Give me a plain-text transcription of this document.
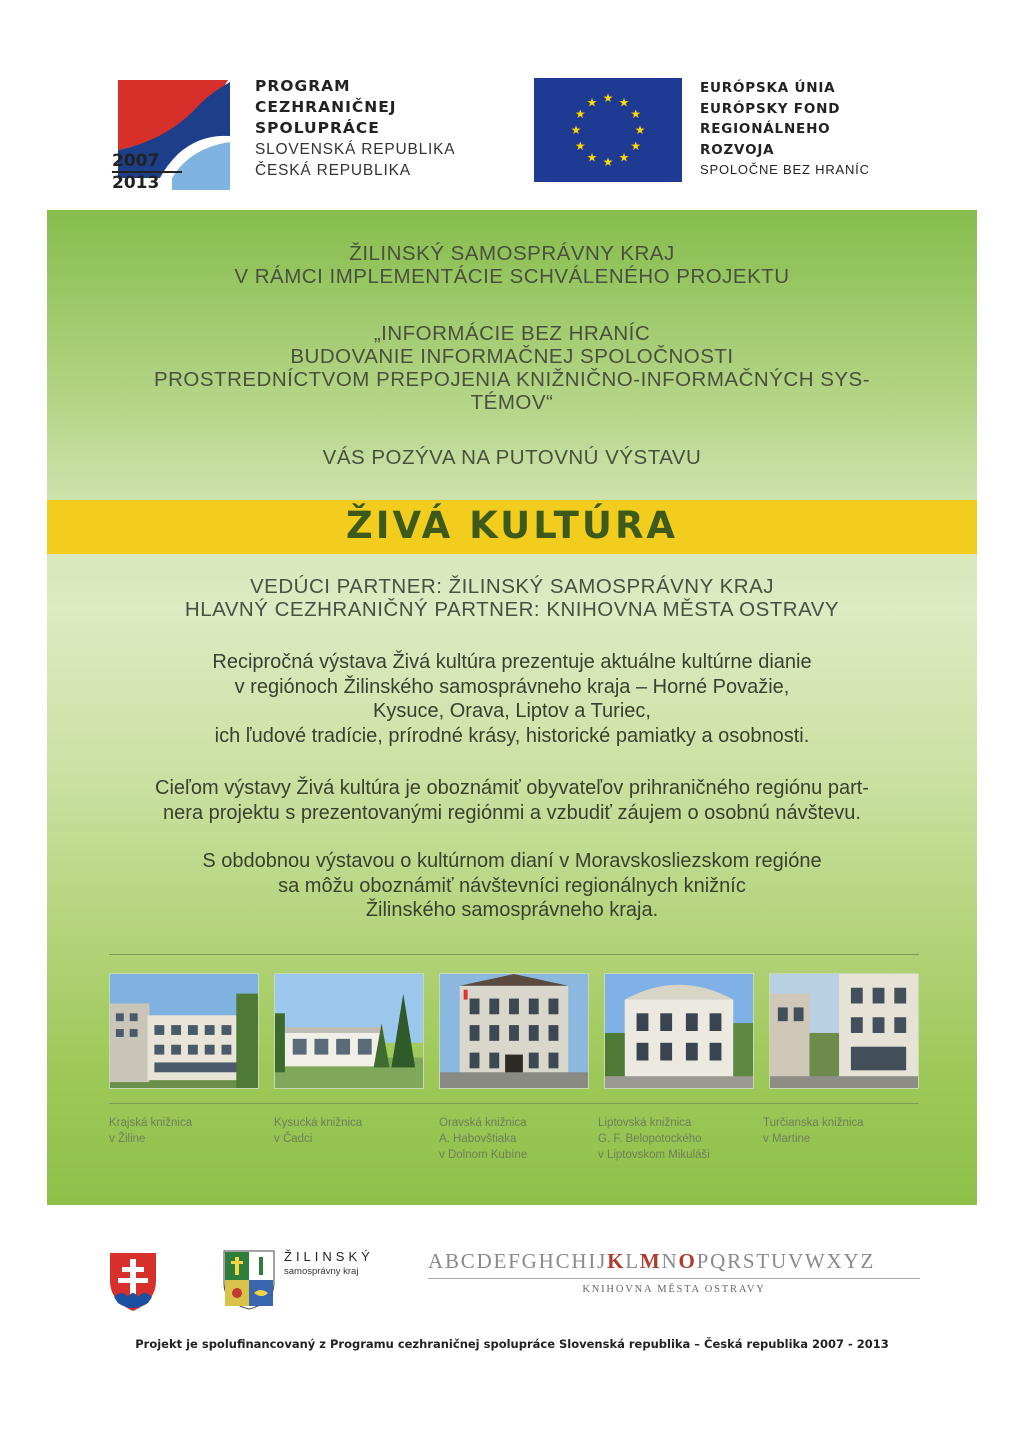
2007
2013
PROGRAM
CEZHRANIČNEJ
SPOLUPRÁCE
SLOVENSKÁ REPUBLIKA
ČESKÁ REPUBLIKA
★ ★
★
★
★
★
★
★
★
★
★
★
EURÓPSKA ÚNIA
EURÓPSKY FOND
REGIONÁLNEHO
ROZVOJA
SPOLOČNE BEZ HRANÍC
ŽILINSKÝ SAMOSPRÁVNY KRAJ
V RÁMCI IMPLEMENTÁCIE SCHVÁLENÉHO PROJEKTU
„INFORMÁCIE BEZ HRANÍC
BUDOVANIE INFORMAČNEJ SPOLOČNOSTI
PROSTREDNÍCTVOM PREPOJENIA KNIŽNIČNO-INFORMAČNÝCH SYS-
TÉMOV“
VÁS POZÝVA NA PUTOVNÚ VÝSTAVU
ŽIVÁ KULTÚRA
VEDÚCI PARTNER: ŽILINSKÝ SAMOSPRÁVNY KRAJ
HLAVNÝ CEZHRANIČNÝ PARTNER: KNIHOVNA MĚSTA OSTRAVY
Recipročná výstava Živá kultúra prezentuje aktuálne kultúrne dianie
v regiónoch Žilinského samosprávneho kraja – Horné Považie,
Kysuce, Orava, Liptov a Turiec,
ich ľudové tradície, prírodné krásy, historické pamiatky a osobnosti.
Cieľom výstavy Živá kultúra je oboznámiť obyvateľov prihraničného regiónu part-
nera projektu s prezentovanými regiónmi a vzbudiť záujem o osobnú návštevu.
S obdobnou výstavou o kultúrnom dianí v Moravskosliezskom regióne
sa môžu oboznámiť návštevníci regionálnych knižníc
Žilinského samosprávneho kraja.
Krajská knižnica
v Žiline
Kysucká knižnica
v Čadci
Oravská knižnica
A. Habovštiaka
v Dolnom Kubíne
Liptovská knižnica
G. F. Belopotockého
v Liptovskom Mikuláši
Turčianska knižnica
v Martine
ŽILINSKÝ
samosprávny kraj	ABCDEFGHCHIJKLMNOPQRSTUVWXYZ
KNIHOVNA MĚSTA OSTRAVY
Projekt je spolufinancovaný z Programu cezhraničnej spolupráce Slovenská republika – Česká republika 2007 - 2013
